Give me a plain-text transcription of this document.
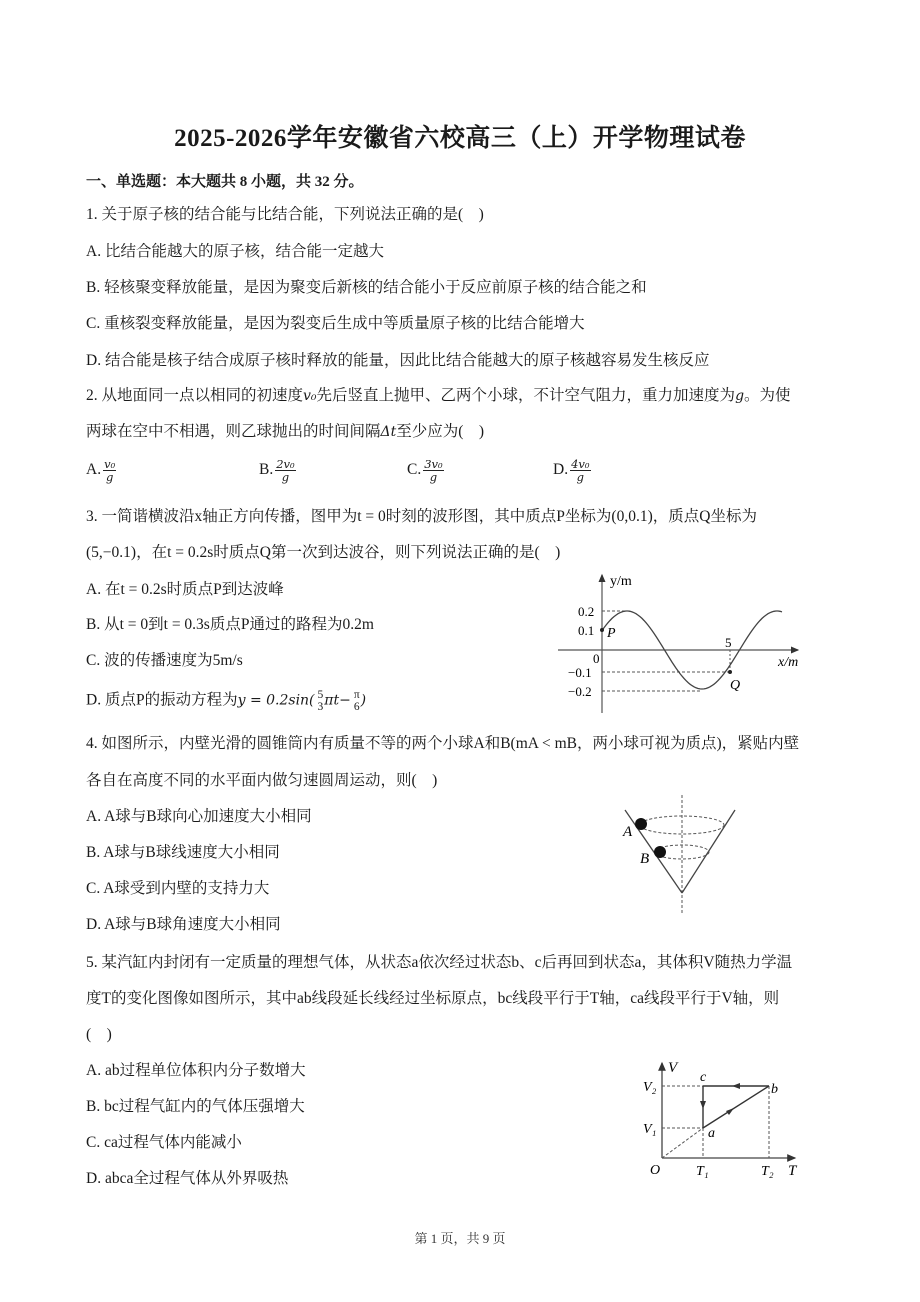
2025-2026学年安徽省六校高三（上）开学物理试卷
一、单选题：本大题共 8 小题，共 32 分。
1. 关于原子核的结合能与比结合能，下列说法正确的是(　)
A. 比结合能越大的原子核，结合能一定越大
B. 轻核聚变释放能量，是因为聚变后新核的结合能小于反应前原子核的结合能之和
C. 重核裂变释放能量，是因为裂变后生成中等质量原子核的比结合能增大
D. 结合能是核子结合成原子核时释放的能量，因此比结合能越大的原子核越容易发生核反应
2. 从地面同一点以相同的初速度v₀先后竖直上抛甲、乙两个小球，不计空气阻力，重力加速度为g。为使
两球在空中不相遇，则乙球抛出的时间间隔Δt至少应为(　)
A. $\frac{\text{v₀}}{g}$	B. $\frac{\text{2v₀}}{g}$	C. $\frac{\text{3v₀}}{g}$	D. $\frac{\text{4v₀}}{g}$
3. 一简谐横波沿x轴正方向传播，图甲为t = 0时刻的波形图，其中质点P坐标为(0,0.1)，质点Q坐标为
(5,−0.1)，在t = 0.2s时质点Q第一次到达波谷，则下列说法正确的是(　)
A. 在t = 0.2s时质点P到达波峰
B. 从t = 0到t = 0.3s质点P通过的路程为0.2m
C. 波的传播速度为5m/s
D. 质点P的振动方程为y = 0.2sin( 5
3 πt− π
6 )
y/m
x/m
0
0.2
0.1
−0.1
−0.2
5
P
Q
4. 如图所示，内壁光滑的圆锥筒内有质量不等的两个小球A和B(mA < mB，两小球可视为质点)，紧贴内壁
各自在高度不同的水平面内做匀速圆周运动，则(　)
A. A球与B球向心加速度大小相同
B. A球与B球线速度大小相同
C. A球受到内壁的支持力大
D. A球与B球角速度大小相同
A
B
5. 某汽缸内封闭有一定质量的理想气体，从状态a依次经过状态b、c后再回到状态a，其体积V随热力学温
度T的变化图像如图所示，其中ab线段延长线经过坐标原点，bc线段平行于T轴，ca线段平行于V轴，则
(　)
A. ab过程单位体积内分子数增大
B. bc过程气缸内的气体压强增大
C. ca过程气体内能减小
D. abca全过程气体从外界吸热
V
T
O
V₂
V₁
T₁	T₂
a
b
c
第 1 页，共 9 页
